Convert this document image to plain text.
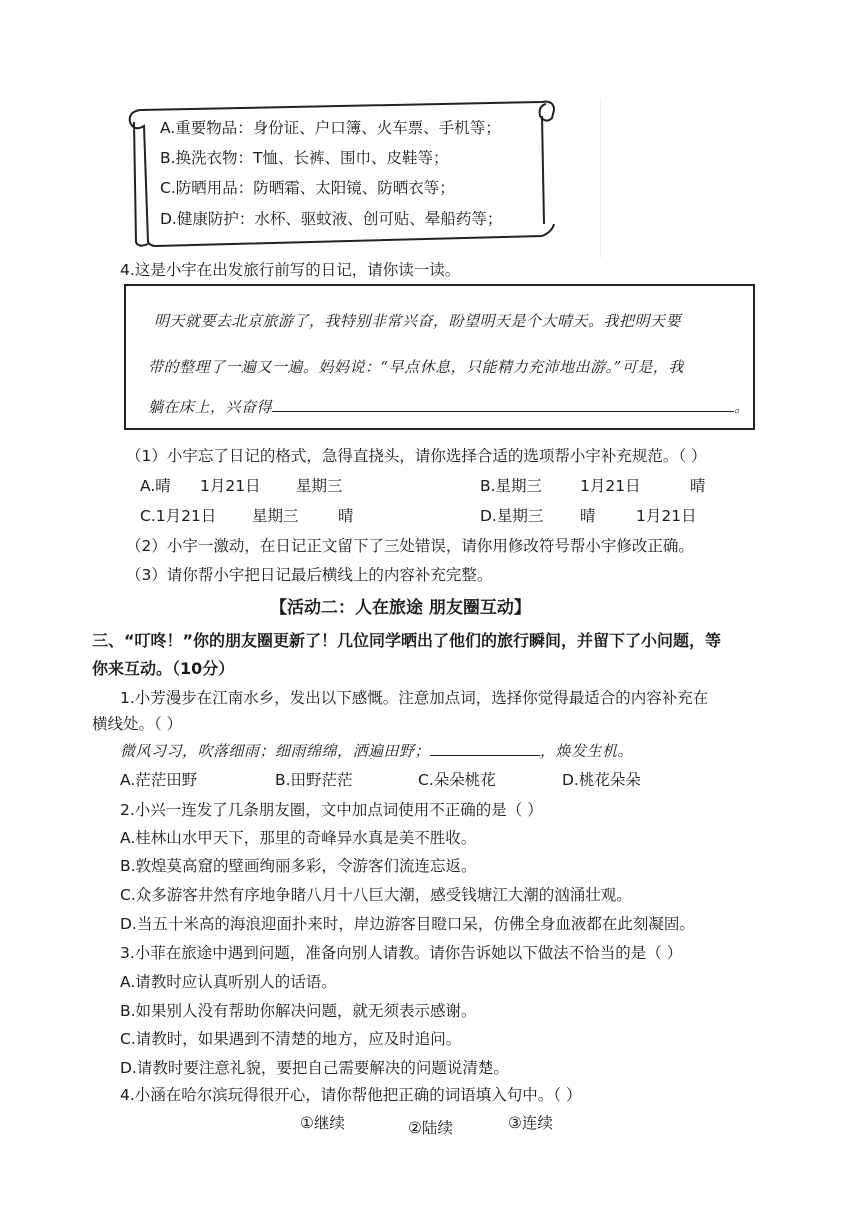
A.重要物品：身份证、户口簿、火车票、手机等；
B.换洗衣物：T恤、长裤、围巾、皮鞋等；
C.防晒用品：防晒霜、太阳镜、防晒衣等；
D.健康防护：水杯、驱蚊液、创可贴、晕船药等；
4.这是小宇在出发旅行前写的日记，请你读一读。
明天就要去北京旅游了，我特别非常兴奋，盼望明天是个大晴天。我把明天要
带的整理了一遍又一遍。妈妈说：“早点休息，只能精力充沛地出游。”可是，我
躺在床上，兴奋得	。
（1）小宇忘了日记的格式，急得直挠头，请你选择合适的选项帮小宇补充规范。（ ）
A.晴 1月21日 星期三	B.星期三 1月21日	晴
C.1月21日 星期三	晴	D.星期三 晴	1月21日
（2）小宇一激动，在日记正文留下了三处错误，请你用修改符号帮小宇修改正确。
（3）请你帮小宇把日记最后横线上的内容补充完整。
【活动二：人在旅途 朋友圈互动】
三、“叮咚！”你的朋友圈更新了！几位同学晒出了他们的旅行瞬间，并留下了小问题，等
你来互动。（10分）
1.小芳漫步在江南水乡，发出以下感慨。注意加点词，选择你觉得最适合的内容补充在
横线处。（ ）
微风习习，吹落细雨；细雨绵绵，洒遍田野；	，焕发生机。
A.茫茫田野	B.田野茫茫	C.朵朵桃花	D.桃花朵朵
2.小兴一连发了几条朋友圈，文中加点词使用不正确的是（ ）
A.桂林山水甲天下，那里的奇峰异水真是美不胜收。
B.敦煌莫高窟的壁画绚丽多彩，令游客们流连忘返。
C.众多游客井然有序地争睹八月十八巨大潮，感受钱塘江大潮的汹涌壮观。
D.当五十米高的海浪迎面扑来时，岸边游客目瞪口呆，仿佛全身血液都在此刻凝固。
3.小菲在旅途中遇到问题，准备向别人请教。请你告诉她以下做法不恰当的是（ ）
A.请教时应认真听别人的话语。
B.如果别人没有帮助你解决问题，就无须表示感谢。
C.请教时，如果遇到不清楚的地方，应及时追问。
D.请教时要注意礼貌，要把自己需要解决的问题说清楚。
4.小涵在哈尔滨玩得很开心，请你帮他把正确的词语填入句中。（ ）
①继续	②陆续	③连续
